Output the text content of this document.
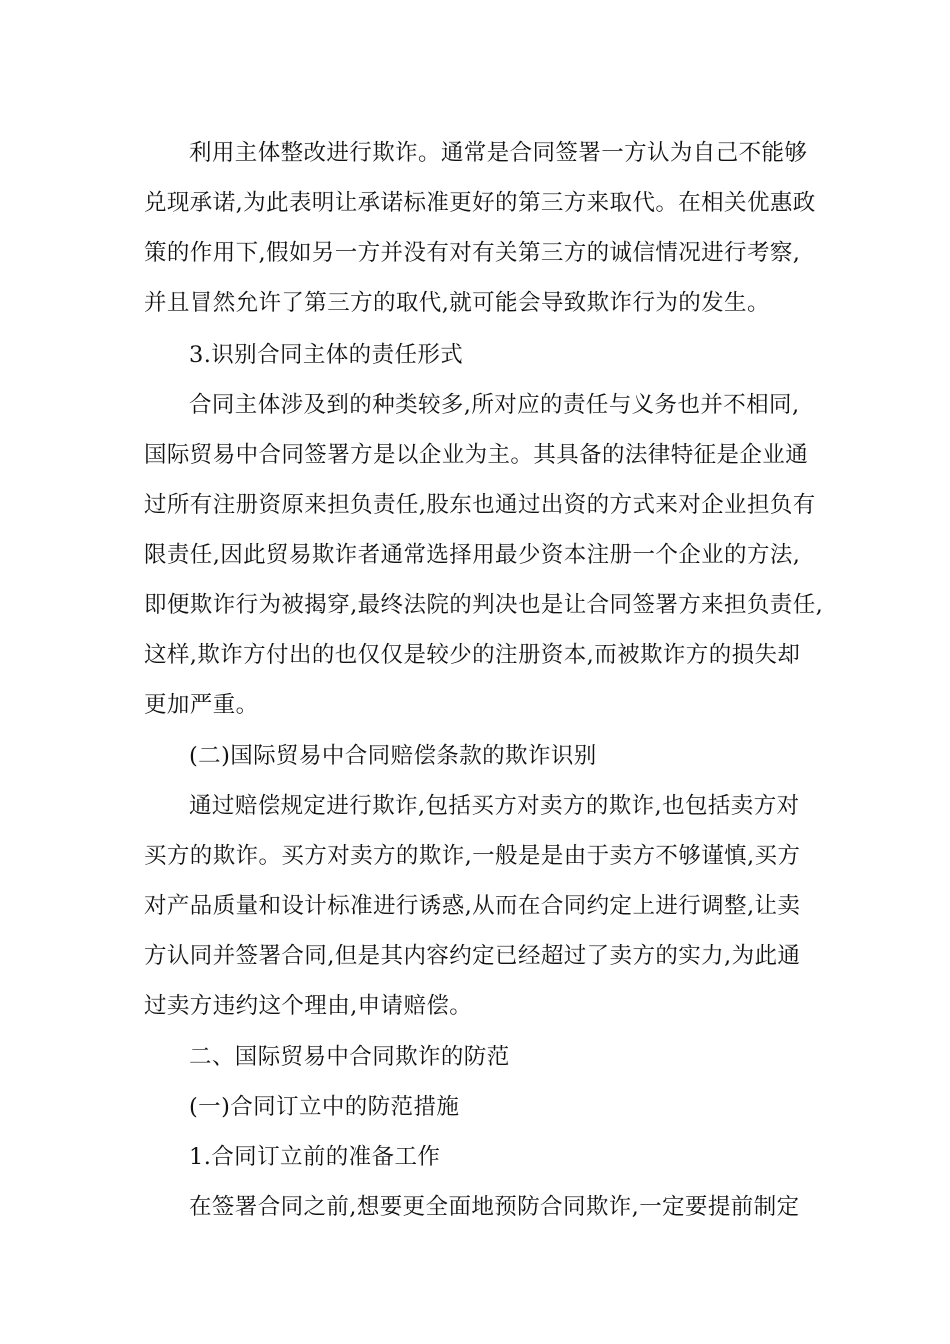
利用主体整改进行欺诈。通常是合同签署一方认为自己不能够
兑现承诺,为此表明让承诺标准更好的第三方来取代。在相关优惠政
策的作用下,假如另一方并没有对有关第三方的诚信情况进行考察,
并且冒然允许了第三方的取代,就可能会导致欺诈行为的发生。
3.识别合同主体的责任形式
合同主体涉及到的种类较多,所对应的责任与义务也并不相同,
国际贸易中合同签署方是以企业为主。其具备的法律特征是企业通
过所有注册资原来担负责任,股东也通过出资的方式来对企业担负有
限责任,因此贸易欺诈者通常选择用最少资本注册一个企业的方法,
即便欺诈行为被揭穿,最终法院的判决也是让合同签署方来担负责任,
这样,欺诈方付出的也仅仅是较少的注册资本,而被欺诈方的损失却
更加严重。
(二)国际贸易中合同赔偿条款的欺诈识别
通过赔偿规定进行欺诈,包括买方对卖方的欺诈,也包括卖方对
买方的欺诈。买方对卖方的欺诈,一般是是由于卖方不够谨慎,买方
对产品质量和设计标准进行诱惑,从而在合同约定上进行调整,让卖
方认同并签署合同,但是其内容约定已经超过了卖方的实力,为此通
过卖方违约这个理由,申请赔偿。
二、国际贸易中合同欺诈的防范
(一)合同订立中的防范措施
1.合同订立前的准备工作
在签署合同之前,想要更全面地预防合同欺诈,一定要提前制定
